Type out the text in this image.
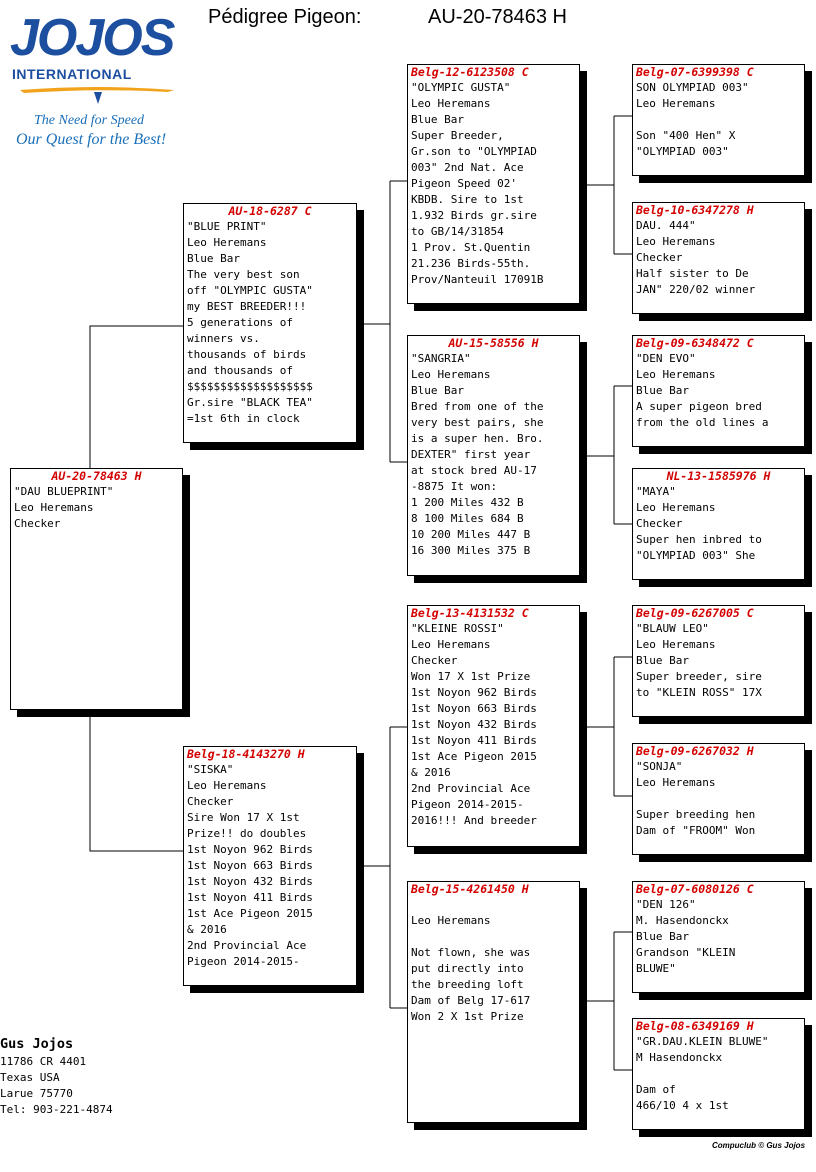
JOJOS
INTERNATIONAL
The Need for Speed
Our Quest for the Best!
Pédigree Pigeon:	AU-20-78463 H
AU-20-78463 H
"DAU BLUEPRINT"
Leo Heremans
Checker
AU-18-6287 C
"BLUE PRINT"
Leo Heremans
Blue Bar
The very best son
off "OLYMPIC GUSTA"
my BEST BREEDER!!!
5 generations of
winners vs.
thousands of birds
and thousands of
$$$$$$$$$$$$$$$$$$$
Gr.sire "BLACK TEA"
=1st 6th in clock
Belg-18-4143270 H
"SISKA"
Leo Heremans
Checker
Sire Won 17 X 1st
Prize!! do doubles
1st Noyon 962 Birds
1st Noyon 663 Birds
1st Noyon 432 Birds
1st Noyon 411 Birds
1st Ace Pigeon 2015
& 2016
2nd Provincial Ace
Pigeon 2014-2015-
Belg-12-6123508 C
"OLYMPIC GUSTA"
Leo Heremans
Blue Bar
Super Breeder,
Gr.son to "OLYMPIAD
003" 2nd Nat. Ace
Pigeon Speed 02'
KBDB. Sire to 1st
1.932 Birds gr.sire
to GB/14/31854
1 Prov. St.Quentin
21.236 Birds-55th.
Prov/Nanteuil 17091B
AU-15-58556 H
"SANGRIA"
Leo Heremans
Blue Bar
Bred from one of the
very best pairs, she
is a super hen. Bro.
DEXTER" first year
at stock bred AU-17
-8875 It won:
1 200 Miles 432 B
8 100 Miles 684 B
10 200 Miles 447 B
16 300 Miles 375 B
Belg-13-4131532 C
"KLEINE ROSSI"
Leo Heremans
Checker
Won 17 X 1st Prize
1st Noyon 962 Birds
1st Noyon 663 Birds
1st Noyon 432 Birds
1st Noyon 411 Birds
1st Ace Pigeon 2015
& 2016
2nd Provincial Ace
Pigeon 2014-2015-
2016!!! And breeder
Belg-15-4261450 H

Leo Heremans

Not flown, she was
put directly into
the breeding loft
Dam of Belg 17-617
Won 2 X 1st Prize
Belg-07-6399398 C
SON OLYMPIAD 003"
Leo Heremans

Son "400 Hen" X
"OLYMPIAD 003"
Belg-10-6347278 H
DAU. 444"
Leo Heremans
Checker
Half sister to De
JAN" 220/02 winner
Belg-09-6348472 C
"DEN EVO"
Leo Heremans
Blue Bar
A super pigeon bred
from the old lines a
NL-13-1585976 H
"MAYA"
Leo Heremans
Checker
Super hen inbred to
"OLYMPIAD 003" She
Belg-09-6267005 C
"BLAUW LEO"
Leo Heremans
Blue Bar
Super breeder, sire
to "KLEIN ROSS" 17X
Belg-09-6267032 H
"SONJA"
Leo Heremans

Super breeding hen
Dam of "FROOM" Won
Belg-07-6080126 C
"DEN 126"
M. Hasendonckx
Blue Bar
Grandson "KLEIN
BLUWE"
Belg-08-6349169 H
"GR.DAU.KLEIN BLUWE"
M Hasendonckx

Dam of
466/10 4 x 1st
Gus Jojos
11786 CR 4401
Texas USA
Larue 75770
Tel: 903-221-4874
Compuclub © Gus Jojos
